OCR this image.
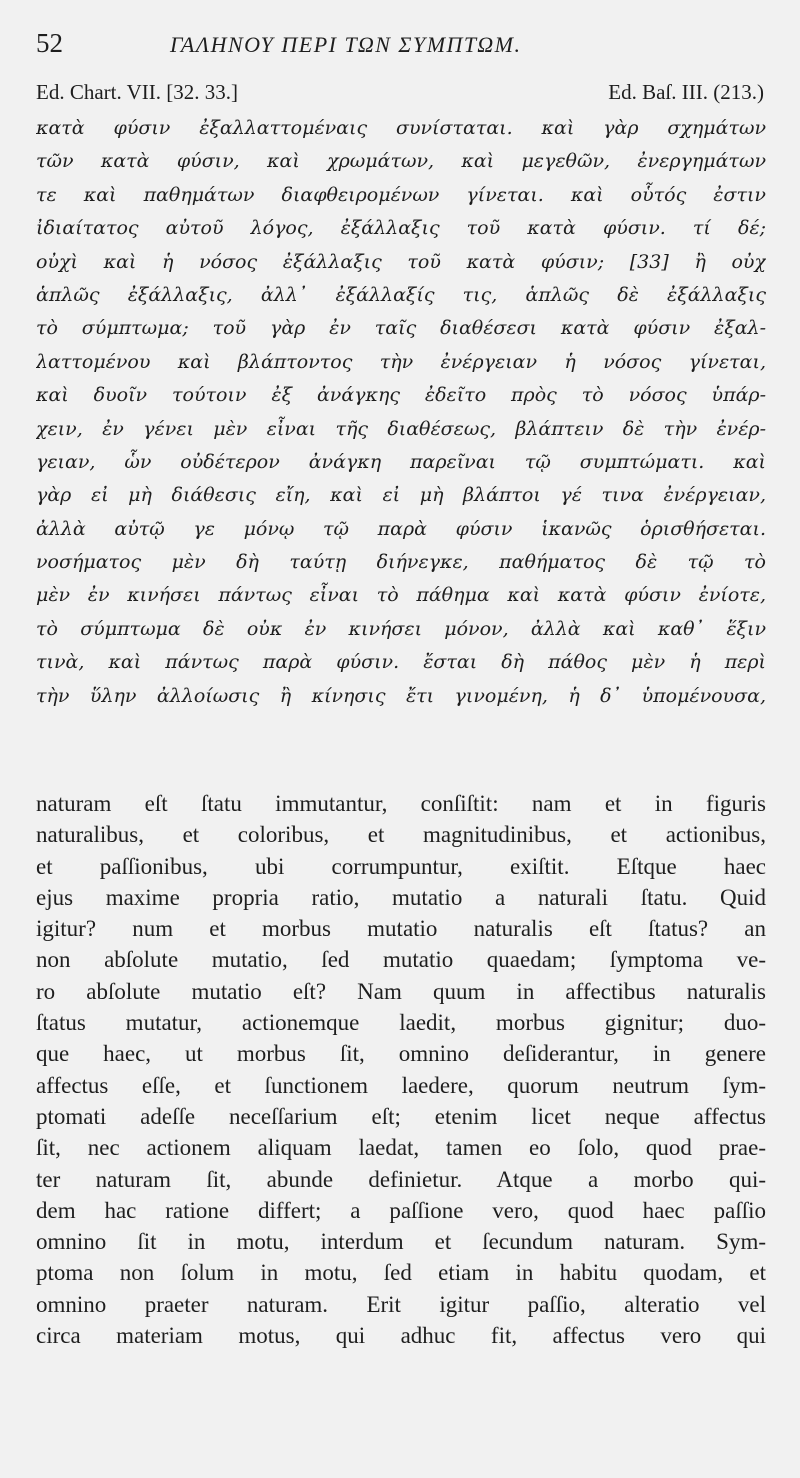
52	ΓΑΛΗΝΟΥ ΠΕΡΙ ΤΩΝ ΣΥΜΠΤΩΜ.
Ed. Chart. VII. [32. 33.]	Ed. Baſ. III. (213.)
κατὰ φύσιν ἐξαλλαττομέναις συνίσταται. καὶ γὰρ σχημάτων
τῶν κατὰ φύσιν, καὶ χρωμάτων, καὶ μεγεθῶν, ἐνεργημάτων
τε καὶ παθημάτων διαφθειρομένων γίνεται. καὶ οὗτός ἐστιν
ἰδιαίτατος αὐτοῦ λόγος, ἐξάλλαξις τοῦ κατὰ φύσιν. τί δέ;
οὐχὶ καὶ ἡ νόσος ἐξάλλαξις τοῦ κατὰ φύσιν; [33] ἢ οὐχ
ἁπλῶς ἐξάλλαξις, ἀλλ᾽ ἐξάλλαξίς τις, ἁπλῶς δὲ ἐξάλλαξις
τὸ σύμπτωμα; τοῦ γὰρ ἐν ταῖς διαθέσεσι κατὰ φύσιν ἐξαλ-
λαττομένου καὶ βλάπτοντος τὴν ἐνέργειαν ἡ νόσος γίνεται,
καὶ δυοῖν τούτοιν ἐξ ἀνάγκης ἐδεῖτο πρὸς τὸ νόσος ὑπάρ-
χειν, ἐν γένει μὲν εἶναι τῆς διαθέσεως, βλάπτειν δὲ τὴν ἐνέρ-
γειαν, ὧν οὐδέτερον ἀνάγκη παρεῖναι τῷ συμπτώματι. καὶ
γὰρ εἰ μὴ διάθεσις εἴη, καὶ εἰ μὴ βλάπτοι γέ τινα ἐνέργειαν,
ἀλλὰ αὐτῷ γε μόνῳ τῷ παρὰ φύσιν ἱκανῶς ὁρισθήσεται.
νοσήματος μὲν δὴ ταύτῃ διήνεγκε, παθήματος δὲ τῷ τὸ
μὲν ἐν κινήσει πάντως εἶναι τὸ πάθημα καὶ κατὰ φύσιν ἐνίοτε,
τὸ σύμπτωμα δὲ οὐκ ἐν κινήσει μόνον, ἀλλὰ καὶ καθ᾽ ἕξιν
τινὰ, καὶ πάντως παρὰ φύσιν. ἔσται δὴ πάθος μὲν ἡ περὶ
τὴν ὕλην ἀλλοίωσις ἢ κίνησις ἔτι γινομένη, ἡ δ᾽ ὑπομένουσα,
naturam eſt ſtatu immutantur, conſiſtit: nam et in figuris
naturalibus, et coloribus, et magnitudinibus, et actionibus,
et paſſionibus, ubi corrumpuntur, exiſtit. Eſtque haec
ejus maxime propria ratio, mutatio a naturali ſtatu. Quid
igitur? num et morbus mutatio naturalis eſt ſtatus? an
non abſolute mutatio, ſed mutatio quaedam; ſymptoma ve-
ro abſolute mutatio eſt? Nam quum in affectibus naturalis
ſtatus mutatur, actionemque laedit, morbus gignitur; duo-
que haec, ut morbus ſit, omnino deſiderantur, in genere
affectus eſſe, et ſunctionem laedere, quorum neutrum ſym-
ptomati adeſſe neceſſarium eſt; etenim licet neque affectus
ſit, nec actionem aliquam laedat, tamen eo ſolo, quod prae-
ter naturam ſit, abunde definietur. Atque a morbo qui-
dem hac ratione differt; a paſſione vero, quod haec paſſio
omnino ſit in motu, interdum et ſecundum naturam. Sym-
ptoma non ſolum in motu, ſed etiam in habitu quodam, et
omnino praeter naturam. Erit igitur paſſio, alteratio vel
circa materiam motus, qui adhuc fit, affectus vero qui
